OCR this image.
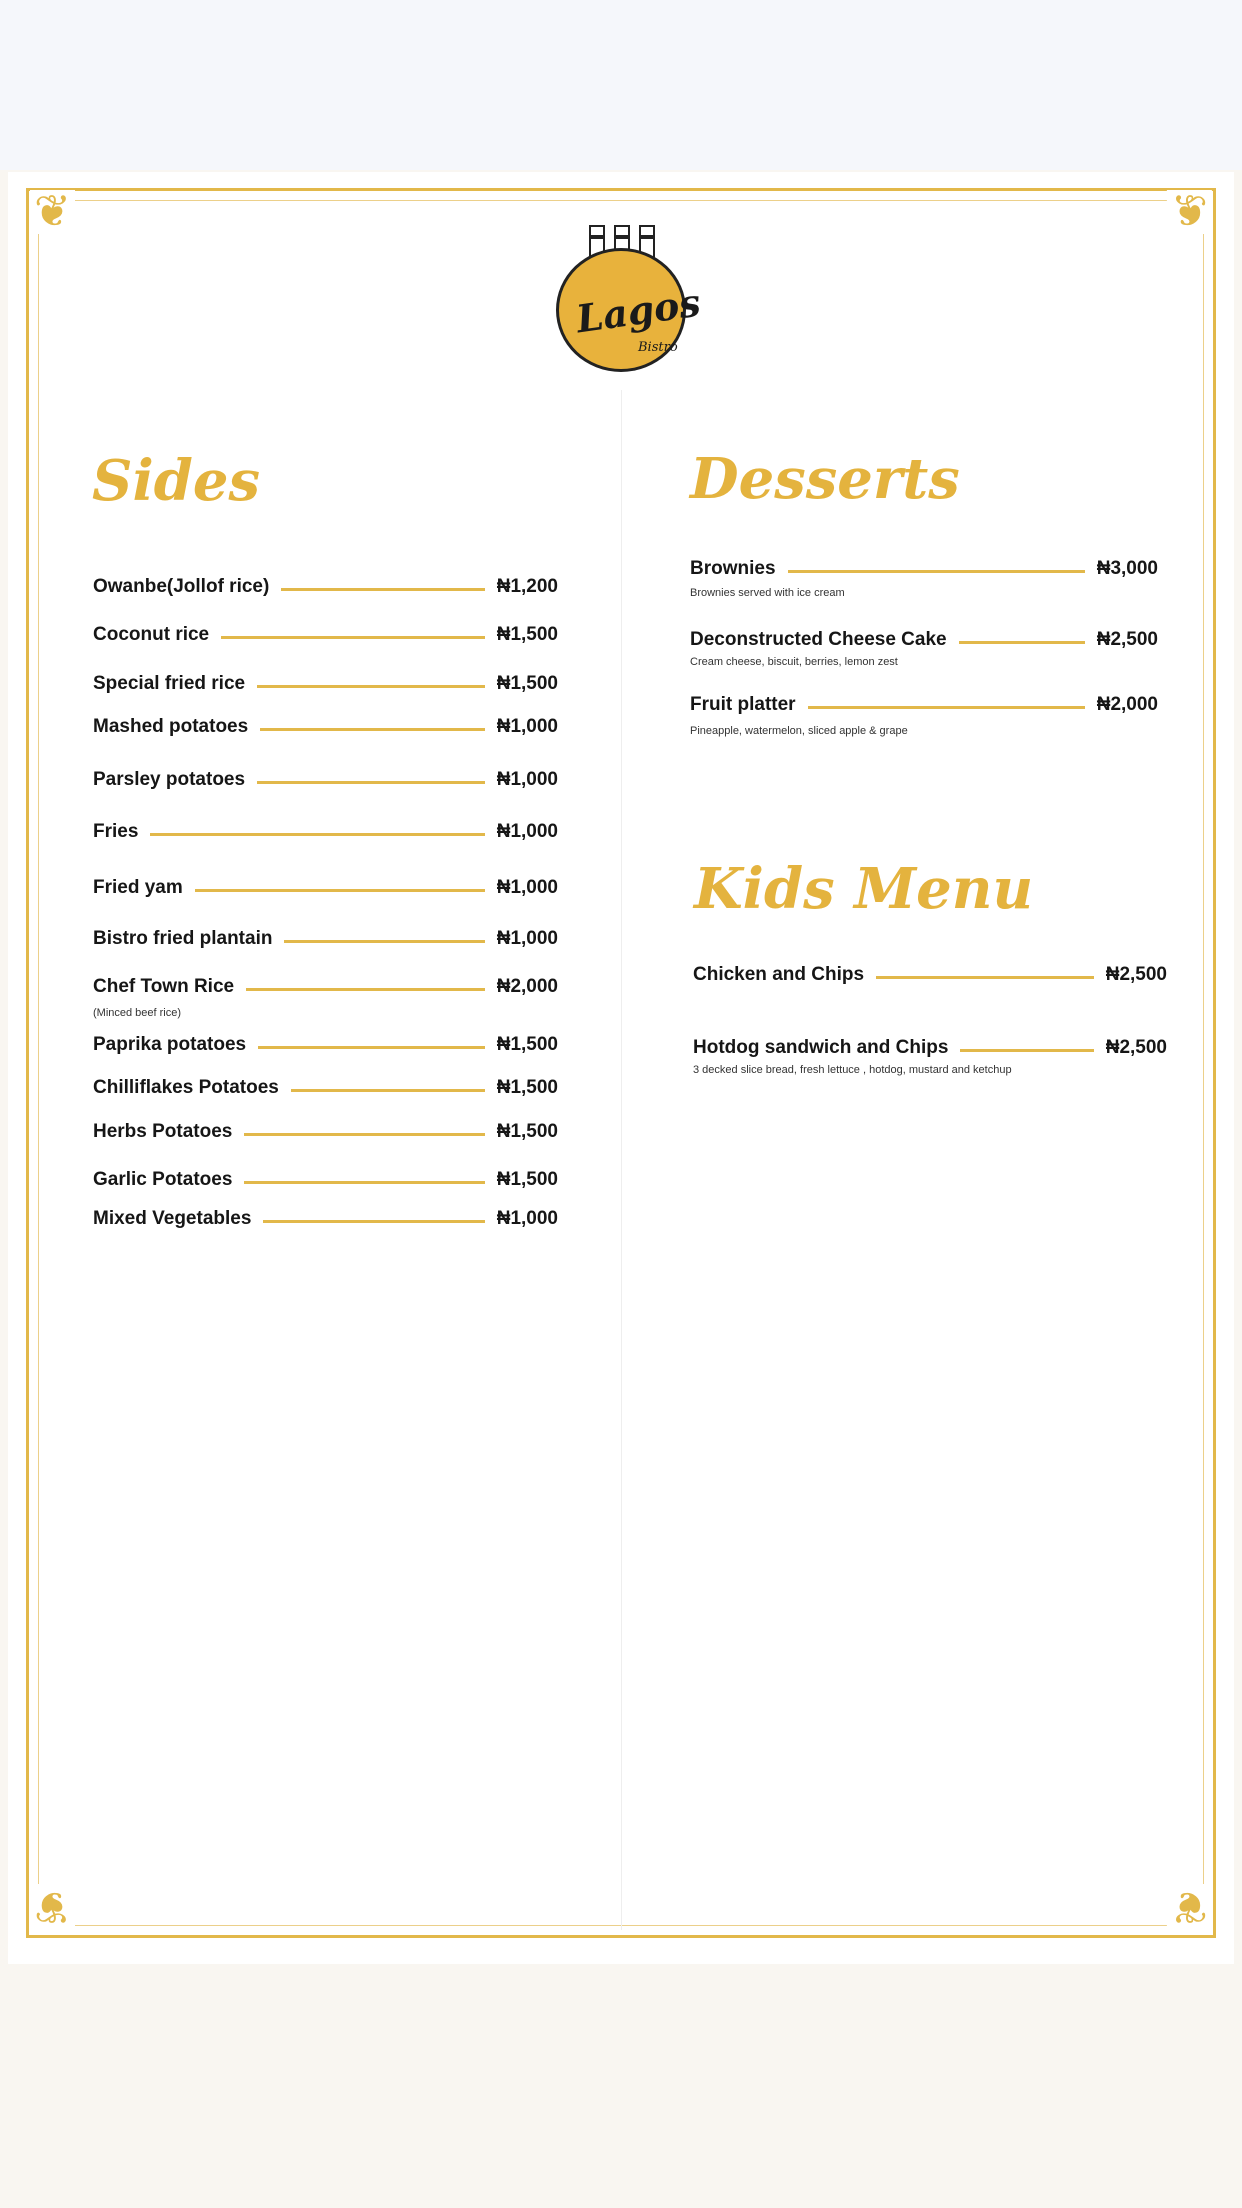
❦	❦
❦	❦
Lagos
Bistro
Sides	Desserts
Kids Menu
Owanbe(Jollof rice)	₦1,200
Coconut rice	₦1,500
Special fried rice	₦1,500
Mashed potatoes	₦1,000
Parsley potatoes	₦1,000
Fries	₦1,000
Fried yam	₦1,000
Bistro fried plantain	₦1,000
Chef Town Rice	₦2,000
(Minced beef rice)
Paprika potatoes	₦1,500
Chilliflakes Potatoes	₦1,500
Herbs Potatoes	₦1,500
Garlic Potatoes	₦1,500
Mixed Vegetables	₦1,000
Brownies	₦3,000
Brownies served with ice cream
Deconstructed Cheese Cake	₦2,500
Cream cheese, biscuit, berries, lemon zest
Fruit platter	₦2,000
Pineapple, watermelon, sliced apple & grape
Chicken and Chips	₦2,500
Hotdog sandwich and Chips	₦2,500
3 decked slice bread, fresh lettuce , hotdog, mustard and ketchup
